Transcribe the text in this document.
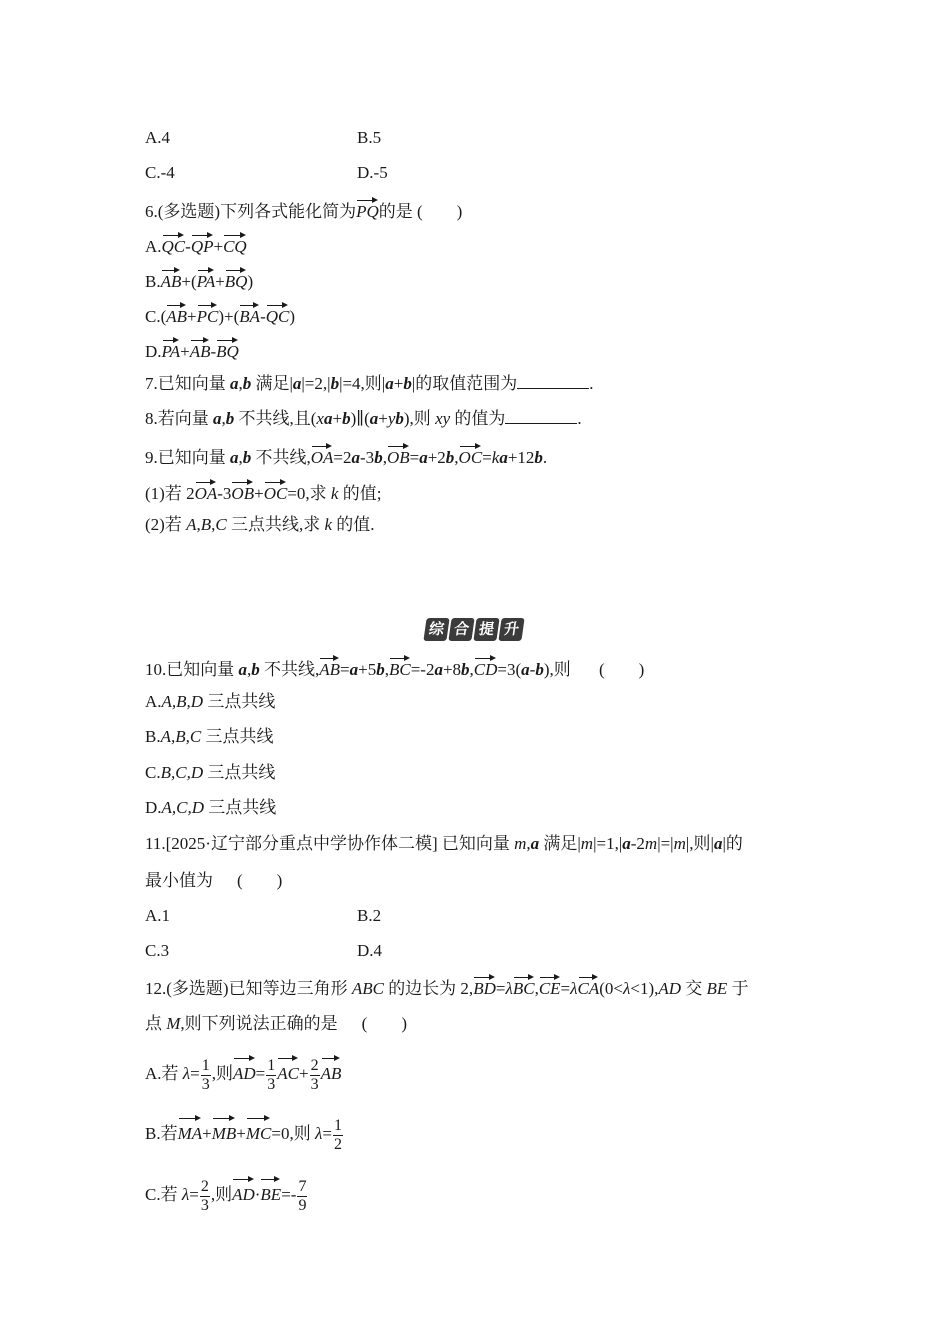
A.4	B.5
C.-4	D.-5
6.(多选题)下列各式能化简为PQ的是 (　　)
A.QC-QP+CQ
B.AB+(PA+BQ)
C.(AB+PC)+(BA-QC)
D.PA+AB-BQ
7.已知向量 a,b 满足|a|=2,|b|=4,则|a+b|的取值范围为	.
8.若向量 a,b 不共线,且(xa+b)∥(a+yb),则 xy 的值为	.
9.已知向量 a,b 不共线,OA=2a-3b,OB=a+2b,OC=ka+12b.
(1)若 2OA-3OB+OC=0,求 k 的值;
(2)若 A,B,C 三点共线,求 k 的值.
综 合 提 升
10.已知向量 a,b 不共线,AB=a+5b,BC=-2a+8b,CD=3(a-b),则 (　　)
A.A,B,D 三点共线
B.A,B,C 三点共线
C.B,C,D 三点共线
D.A,C,D 三点共线
11.[2025·辽宁部分重点中学协作体二模] 已知向量 m,a 满足|m|=1,|a-2m|=|m|,则|a|的
最小值为 (　　)
A.1	B.2
C.3	D.4
12.(多选题)已知等边三角形 ABC 的边长为 2,BD=λBC,CE=λCA(0<λ<1),AD 交 BE 于
点 M,则下列说法正确的是 (　　)
A.若 $\lambda= \frac{1}{3}$ ,则$AD= \frac{1}{3} AC+ \frac{2}{3}$ AB
B.若MA+MB+MC=0,则 $\lambda= \frac{1}{2}$
C.若 $\lambda= \frac{2}{3}$ ,则$AD\cdot BE=- \frac{7}{9}$
